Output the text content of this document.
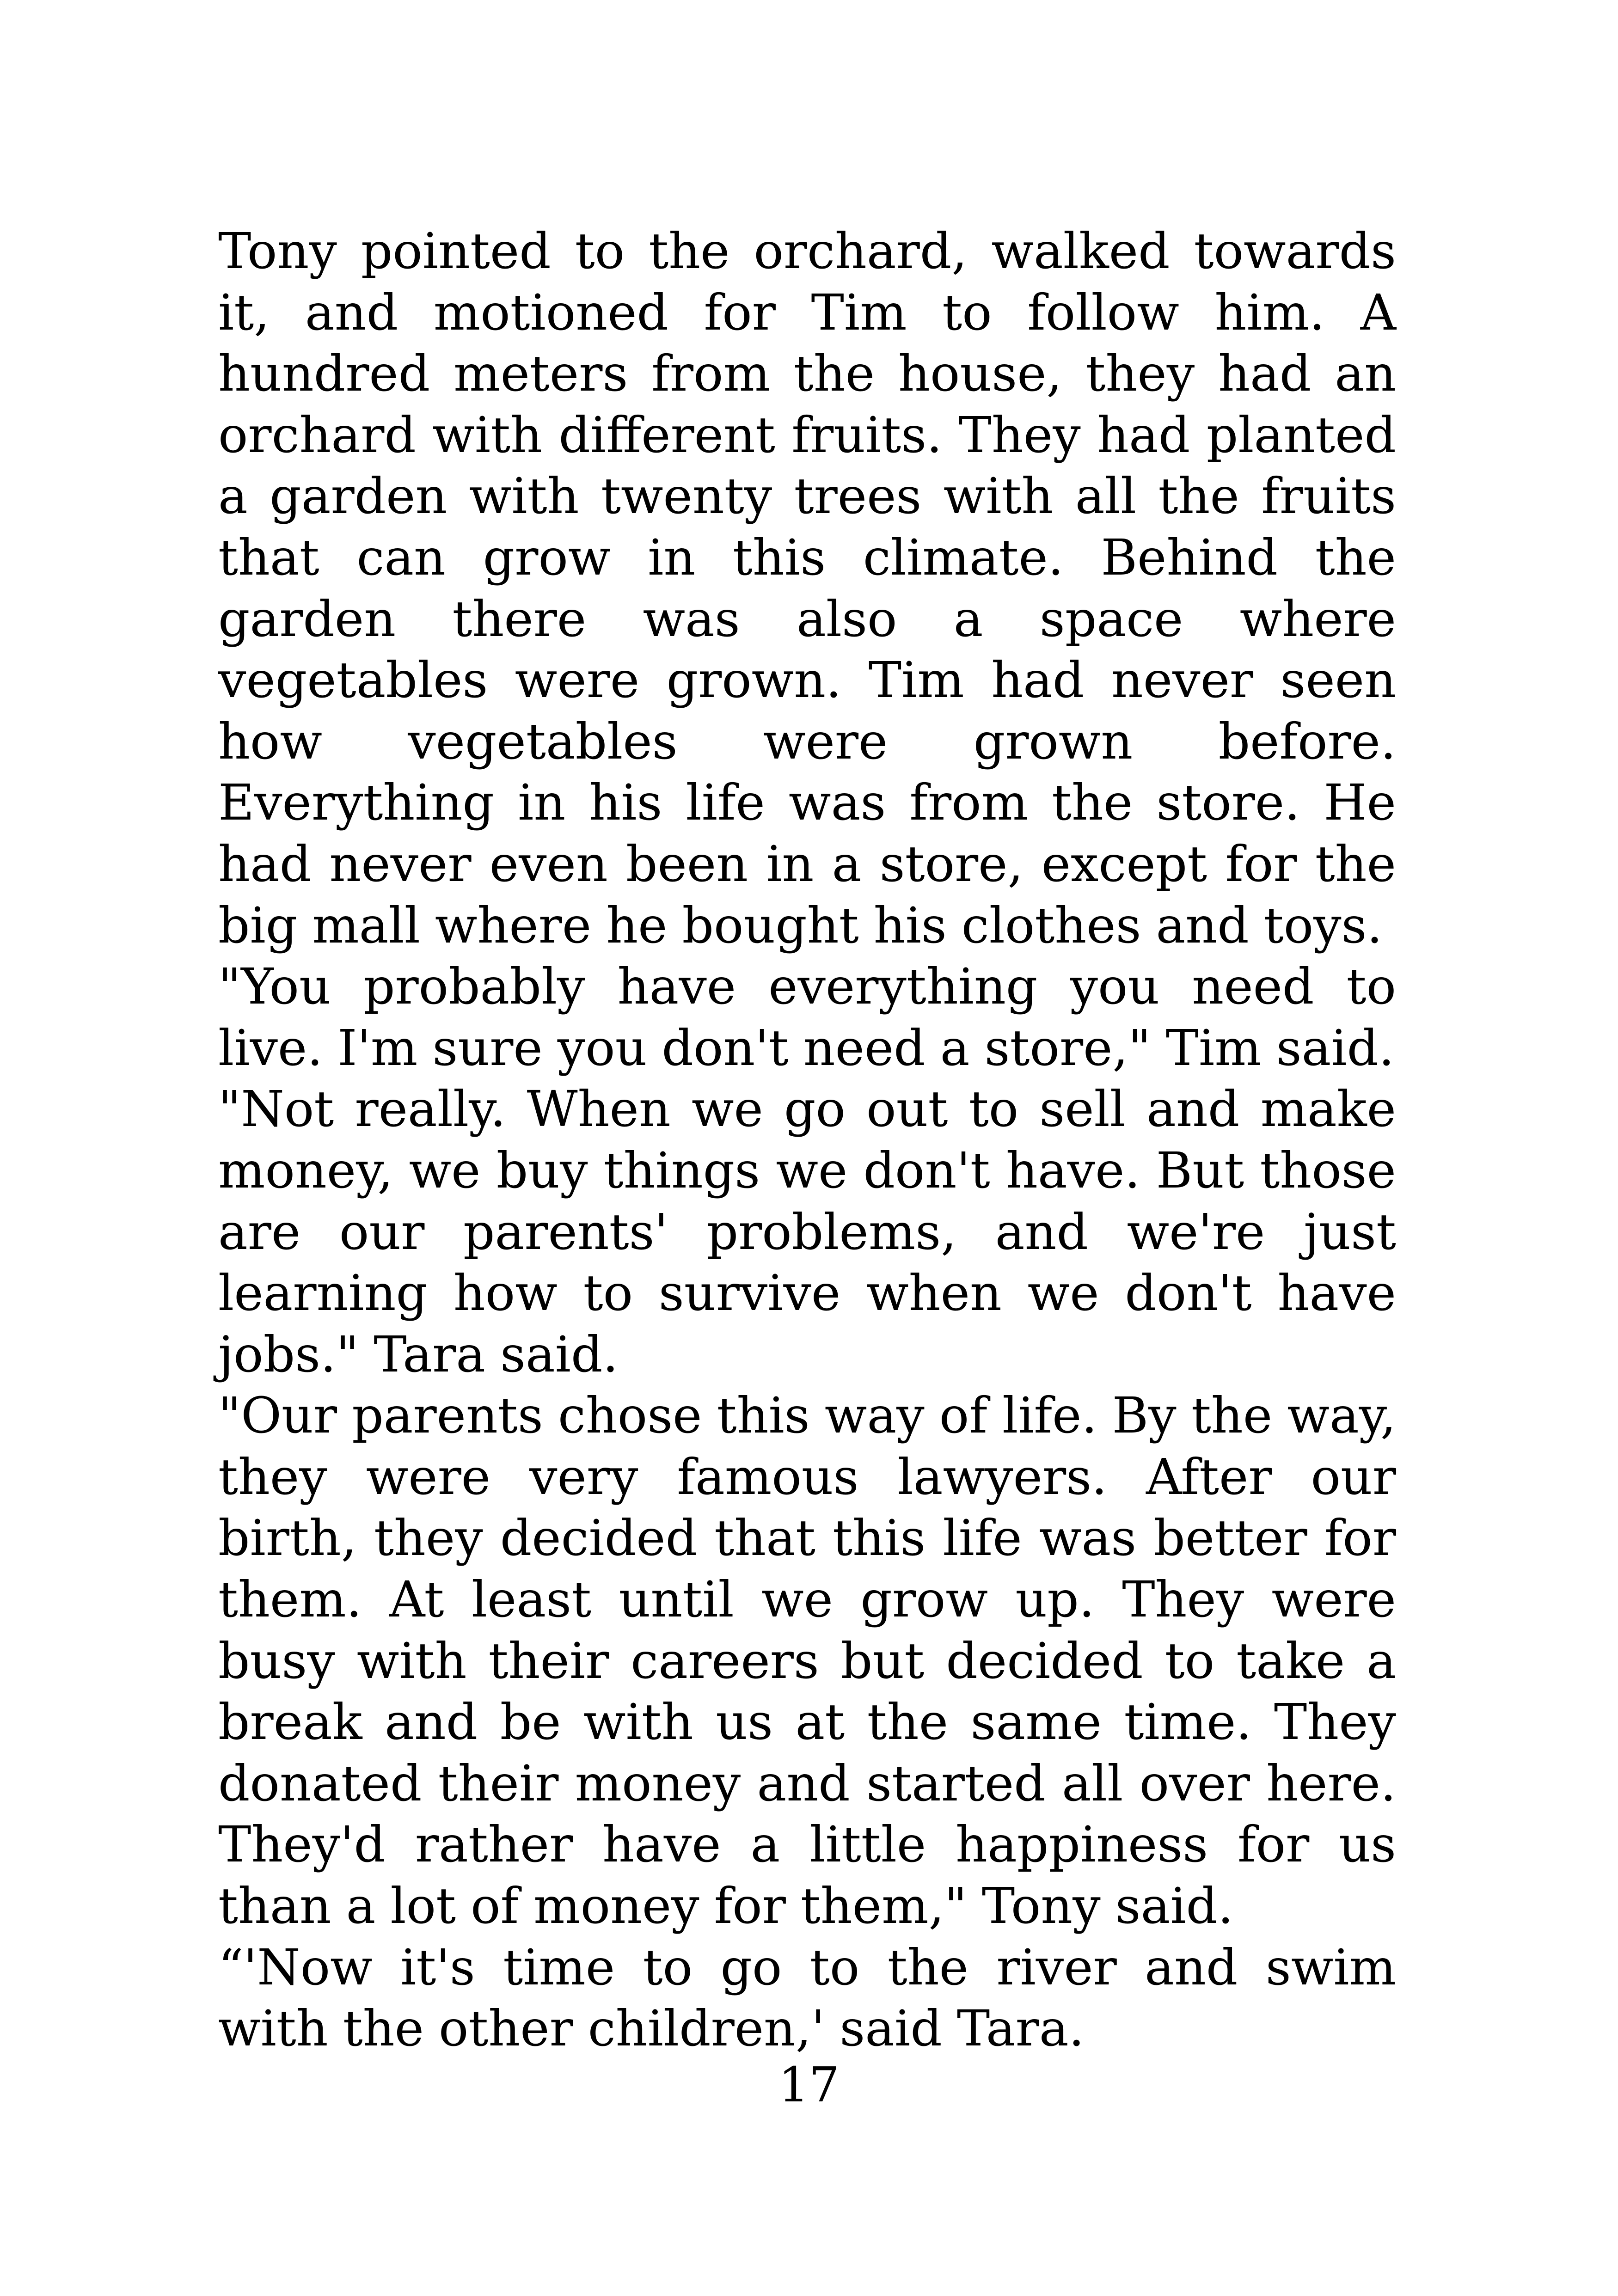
Tony pointed to the orchard, walked towards it, and motioned for Tim to follow him. A hundred meters from the house, they had an orchard with different fruits. They had planted a garden with twenty trees with all the fruits that can grow in this climate. Behind the garden there was also a space where vegetables were grown. Tim had never seen how vegetables were grown before. Everything in his life was from the store. He had never even been in a store, except for the big mall where he bought his clothes and toys.

"You probably have everything you need to live. I'm sure you don't need a store," Tim said.

"Not really. When we go out to sell and make money, we buy things we don't have. But those are our parents' problems, and we're just learning how to survive when we don't have jobs." Tara said.

"Our parents chose this way of life. By the way, they were very famous lawyers. After our birth, they decided that this life was better for them. At least until we grow up. They were busy with their careers but decided to take a break and be with us at the same time. They donated their money and started all over here. They'd rather have a little happiness for us than a lot of money for them," Tony said.

“'Now it's time to go to the river and swim with the other children,' said Tara.

17
